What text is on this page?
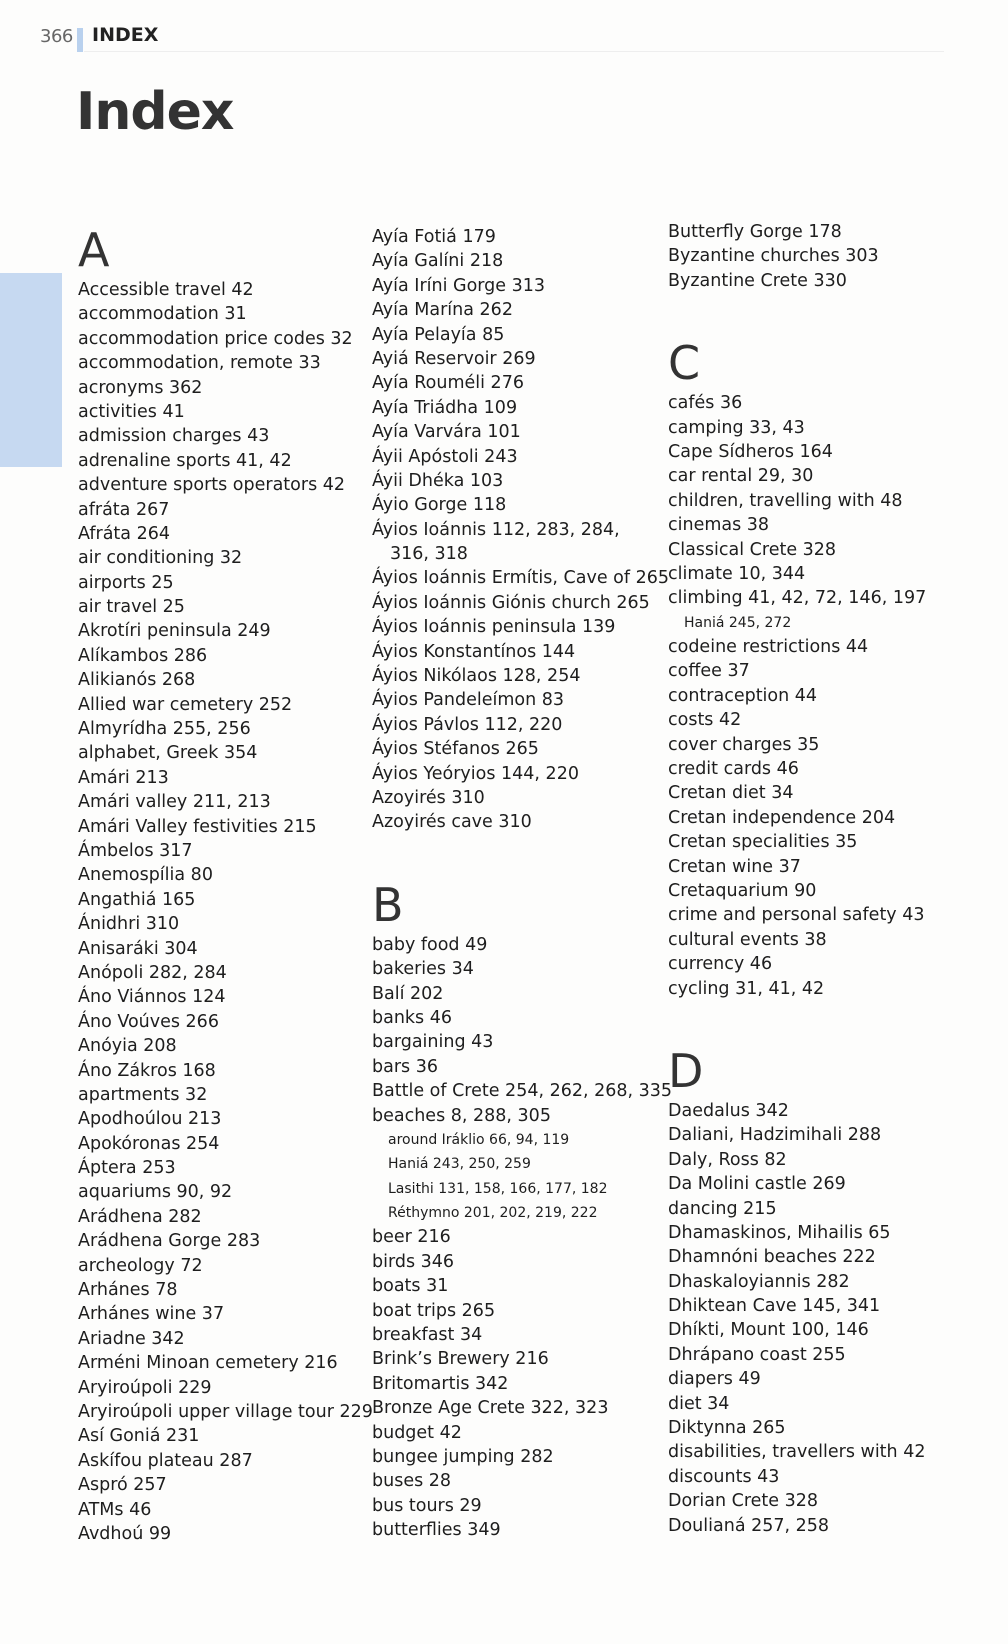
366 INDEX
Index
A
Accessible travel 42
accommodation 31
accommodation price codes 32
accommodation, remote 33
acronyms 362
activities 41
admission charges 43
adrenaline sports 41, 42
adventure sports operators 42
afráta 267
Afráta 264
air conditioning 32
airports 25
air travel 25
Akrotíri peninsula 249
Alíkambos 286
Alikianós 268
Allied war cemetery 252
Almyrídha 255, 256
alphabet, Greek 354
Amári 213
Amári valley 211, 213
Amári Valley festivities 215
Ámbelos 317
Anemospília 80
Angathiá 165
Ánidhri 310
Anisaráki 304
Anópoli 282, 284
Áno Viánnos 124
Áno Voúves 266
Anóyia 208
Áno Zákros 168
apartments 32
Apodhoúlou 213
Apokóronas 254
Áptera 253
aquariums 90, 92
Arádhena 282
Arádhena Gorge 283
archeology 72
Arhánes 78
Arhánes wine 37
Ariadne 342
Arméni Minoan cemetery 216
Aryiroúpoli 229
Aryiroúpoli upper village tour 229
Así Goniá 231
Askífou plateau 287
Aspró 257
ATMs 46
Avdhoú 99
Ayía Fotiá 179
Ayía Galíni 218
Ayía Iríni Gorge 313
Ayía Marína 262
Ayía Pelayía 85
Ayiá Reservoir 269
Ayía Rouméli 276
Ayía Triádha 109
Ayía Varvára 101
Áyii Apóstoli 243
Áyii Dhéka 103
Áyio Gorge 118
Áyios Ioánnis 112, 283, 284,
316, 318
Áyios Ioánnis Ermítis, Cave of 265
Áyios Ioánnis Giónis church 265
Áyios Ioánnis peninsula 139
Áyios Konstantínos 144
Áyios Nikólaos 128, 254
Áyios Pandeleímon 83
Áyios Pávlos 112, 220
Áyios Stéfanos 265
Áyios Yeóryios 144, 220
Azoyirés 310
Azoyirés cave 310
B
baby food 49
bakeries 34
Balí 202
banks 46
bargaining 43
bars 36
Battle of Crete 254, 262, 268, 335
beaches 8, 288, 305
around Iráklio 66, 94, 119
Haniá 243, 250, 259
Lasithi 131, 158, 166, 177, 182
Réthymno 201, 202, 219, 222
beer 216
birds 346
boats 31
boat trips 265
breakfast 34
Brink’s Brewery 216
Britomartis 342
Bronze Age Crete 322, 323
budget 42
bungee jumping 282
buses 28
bus tours 29
butterflies 349
Butterfly Gorge 178
Byzantine churches 303
Byzantine Crete 330
C
cafés 36
camping 33, 43
Cape Sídheros 164
car rental 29, 30
children, travelling with 48
cinemas 38
Classical Crete 328
climate 10, 344
climbing 41, 42, 72, 146, 197
Haniá 245, 272
codeine restrictions 44
coffee 37
contraception 44
costs 42
cover charges 35
credit cards 46
Cretan diet 34
Cretan independence 204
Cretan specialities 35
Cretan wine 37
Cretaquarium 90
crime and personal safety 43
cultural events 38
currency 46
cycling 31, 41, 42
D
Daedalus 342
Daliani, Hadzimihali 288
Daly, Ross 82
Da Molini castle 269
dancing 215
Dhamaskinos, Mihailis 65
Dhamnóni beaches 222
Dhaskaloyiannis 282
Dhiktean Cave 145, 341
Dhíkti, Mount 100, 146
Dhrápano coast 255
diapers 49
diet 34
Diktynna 265
disabilities, travellers with 42
discounts 43
Dorian Crete 328
Doulianá 257, 258
